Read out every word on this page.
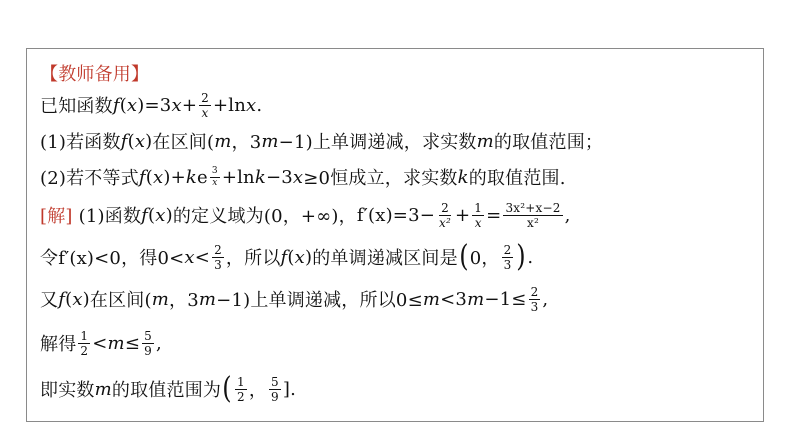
【教师备用】
已知函数 f ( x ) =3 $x + \frac{2}{x} +\ln$ x .
(1)若函数 f ( x ) 在区间( m ，3 m −1)上单调递减，求实数 m 的取值范围；
(2)若不等式 f ( x ) + k e $\frac{3}{x} +\ln$ k −3 x ≥0恒成立，求实数 k 的取值范围.
[解] (1)函数 f ( x ) 的定义域为(0，+∞)， $f'(x)=3- \frac{2}{\text{x²}} + \frac{1}{x} = \frac{\text{3x²+x−2}}{\text{x²}}$ ,
令 f′(x)<0，得$0< x < \frac{2}{3}$ ，所以 f ( x ) 的单调递减区间是 ( 0， $\frac{2}{3}$ ) .
又 f ( x ) 在区间( m ，3 m −1)上单调递减，所以0≤ m <3 $m -1\le \frac{2}{3}$ ,
解得 $\frac{1}{2} < m \le \frac{5}{9}$ ,
即实数 m 的取值范围为 ( $\frac{1}{2}$ ， $\frac{5}{9}$ ].
